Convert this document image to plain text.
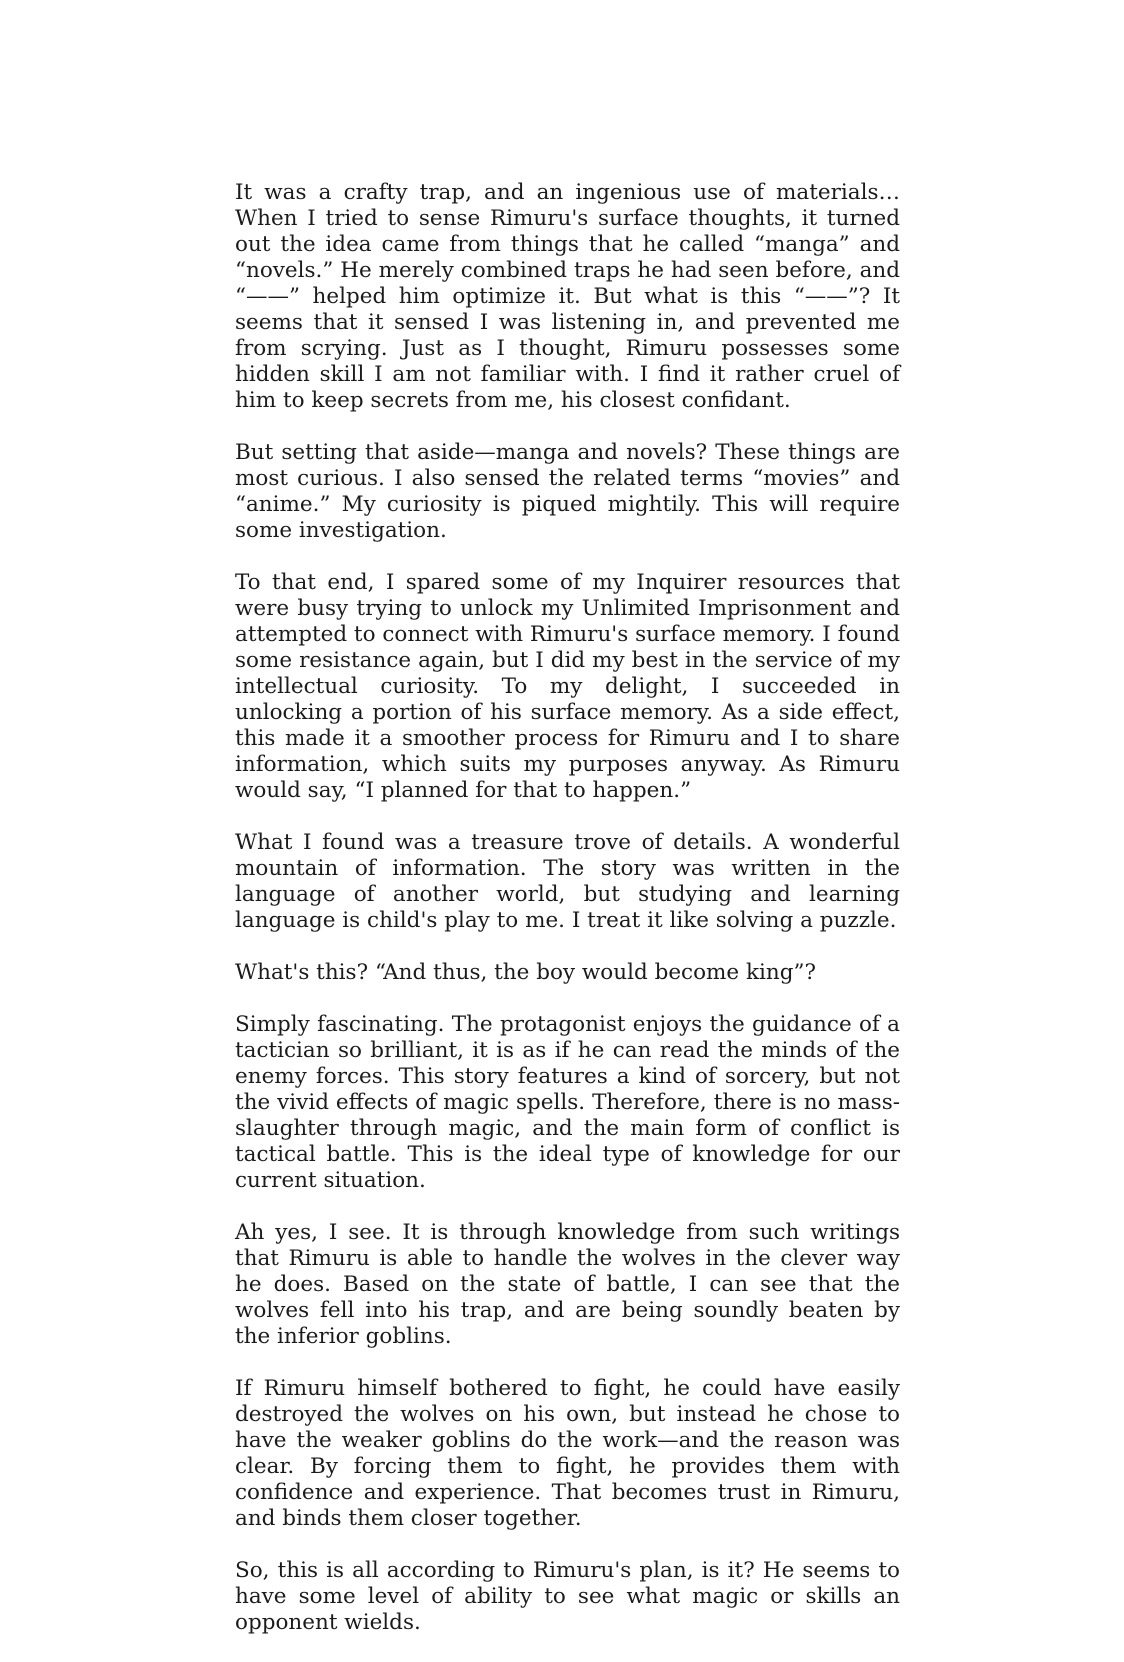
It was a crafty trap, and an ingenious use of materials… When I tried to sense Rimuru's surface thoughts, it turned out the idea came from things that he called “manga” and “novels.” He merely combined traps he had seen before, and “——” helped him optimize it. But what is this “——”? It seems that it sensed I was listening in, and prevented me from scrying. Just as I thought, Rimuru possesses some hidden skill I am not familiar with. I find it rather cruel of him to keep secrets from me, his closest confidant.

But setting that aside—manga and novels? These things are most curious. I also sensed the related terms “movies” and “anime.” My curiosity is piqued mightily. This will require some investigation.

To that end, I spared some of my Inquirer resources that were busy trying to unlock my Unlimited Imprisonment and attempted to connect with Rimuru's surface memory. I found some resistance again, but I did my best in the service of my intellectual curiosity. To my delight, I succeeded in unlocking a portion of his surface memory. As a side effect, this made it a smoother process for Rimuru and I to share information, which suits my purposes anyway. As Rimuru would say, “I planned for that to happen.”

What I found was a treasure trove of details. A wonderful mountain of information. The story was written in the language of another world, but studying and learning language is child's play to me. I treat it like solving a puzzle.

What's this? “And thus, the boy would become king”?

Simply fascinating. The protagonist enjoys the guidance of a tactician so brilliant, it is as if he can read the minds of the enemy forces. This story features a kind of sorcery, but not the vivid effects of magic spells. Therefore, there is no mass-slaughter through magic, and the main form of conflict is tactical battle. This is the ideal type of knowledge for our current situation.

Ah yes, I see. It is through knowledge from such writings that Rimuru is able to handle the wolves in the clever way he does. Based on the state of battle, I can see that the wolves fell into his trap, and are being soundly beaten by the inferior goblins.

If Rimuru himself bothered to fight, he could have easily destroyed the wolves on his own, but instead he chose to have the weaker goblins do the work—and the reason was clear. By forcing them to fight, he provides them with confidence and experience. That becomes trust in Rimuru, and binds them closer together.

So, this is all according to Rimuru's plan, is it? He seems to have some level of ability to see what magic or skills an opponent wields.
